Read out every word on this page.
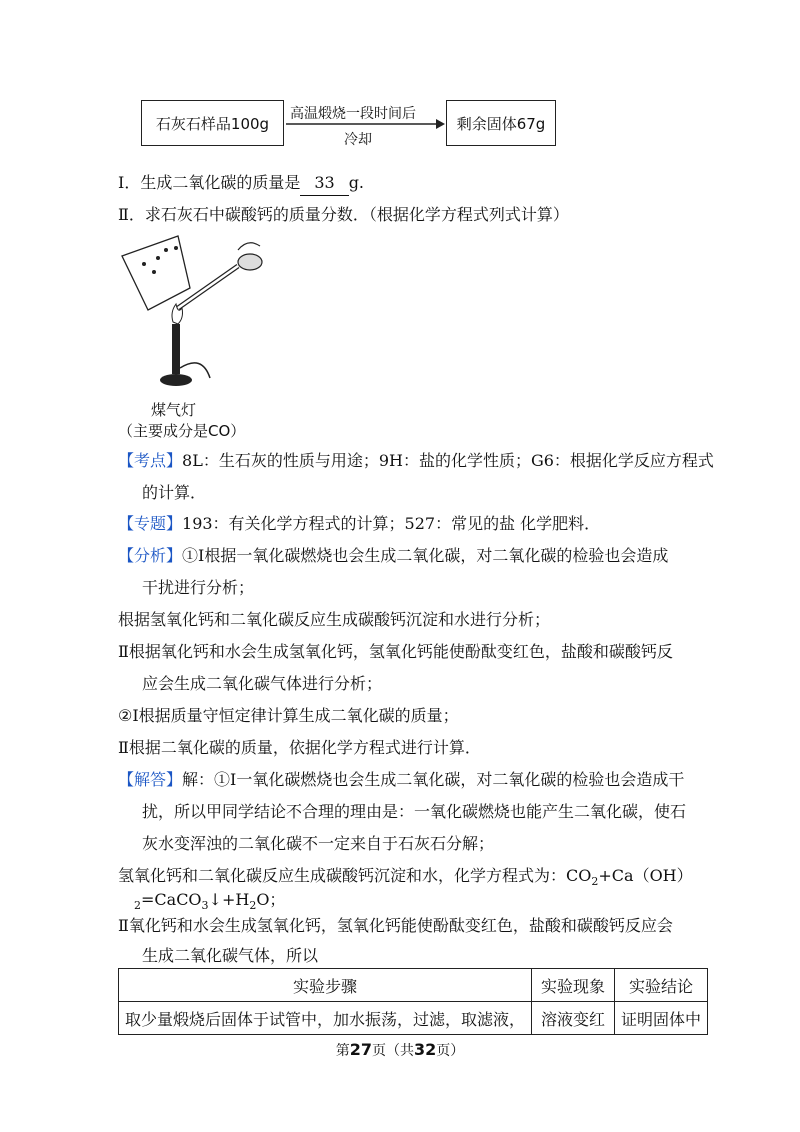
石灰石样品100g
高温煅烧一段时间后
冷却
剩余固体67g
Ⅰ．生成二氧化碳的质量是 33 g.
Ⅱ．求石灰石中碳酸钙的质量分数．（根据化学方程式列式计算）
煤气灯
（主要成分是CO）
【考点】8L：生石灰的性质与用途；9H：盐的化学性质；G6：根据化学反应方程式
的计算．
【专题】193：有关化学方程式的计算；527：常见的盐 化学肥料．
【分析】①Ⅰ根据一氧化碳燃烧也会生成二氧化碳，对二氧化碳的检验也会造成
干扰进行分析；
根据氢氧化钙和二氧化碳反应生成碳酸钙沉淀和水进行分析；
Ⅱ根据氧化钙和水会生成氢氧化钙，氢氧化钙能使酚酞变红色，盐酸和碳酸钙反
应会生成二氧化碳气体进行分析；
②Ⅰ根据质量守恒定律计算生成二氧化碳的质量；
Ⅱ根据二氧化碳的质量，依据化学方程式进行计算．
【解答】解：①Ⅰ一氧化碳燃烧也会生成二氧化碳，对二氧化碳的检验也会造成干
扰，所以甲同学结论不合理的理由是：一氧化碳燃烧也能产生二氧化碳，使石
灰水变浑浊的二氧化碳不一定来自于石灰石分解；
氢氧化钙和二氧化碳反应生成碳酸钙沉淀和水，化学方程式为：$CO_2+Ca(OH)$
$_2=CaCO_3↓+H_2O$；
Ⅱ氧化钙和水会生成氢氧化钙，氢氧化钙能使酚酞变红色，盐酸和碳酸钙反应会
生成二氧化碳气体，所以
实验步骤	实验现象	实验结论
取少量煅烧后固体于试管中，加水振荡，过滤，取滤液，	溶液变红	证明固体中
第27页（共32页）
